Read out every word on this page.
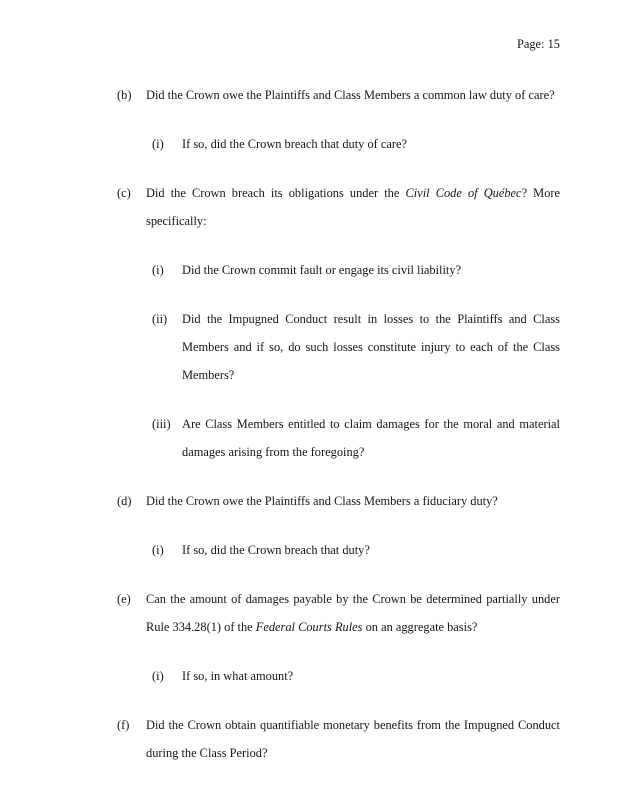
Page: 15
(b)	Did the Crown owe the Plaintiffs and Class Members a common law duty of care?
(i)	If so, did the Crown breach that duty of care?
(c)	Did the Crown breach its obligations under the Civil Code of Québec? More specifically:
(i)	Did the Crown commit fault or engage its civil liability?
(ii)	Did the Impugned Conduct result in losses to the Plaintiffs and Class Members and if so, do such losses constitute injury to each of the Class Members?
(iii) Are Class Members entitled to claim damages for the moral and material damages arising from the foregoing?
(d)	Did the Crown owe the Plaintiffs and Class Members a fiduciary duty?
(i)	If so, did the Crown breach that duty?
(e)	Can the amount of damages payable by the Crown be determined partially under Rule 334.28(1) of the Federal Courts Rules on an aggregate basis?
(i)	If so, in what amount?
(f)	Did the Crown obtain quantifiable monetary benefits from the Impugned Conduct during the Class Period?
